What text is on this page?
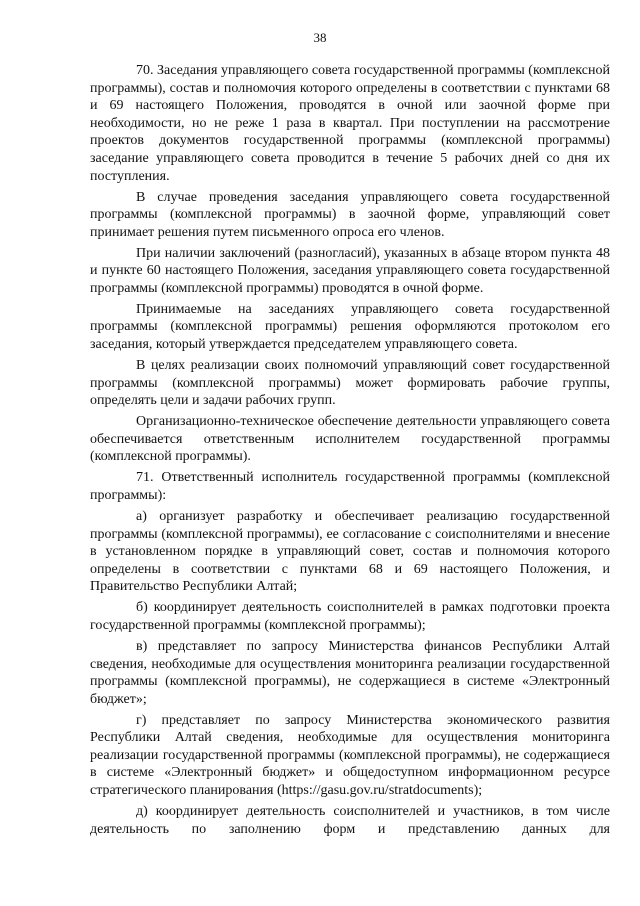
38

70. Заседания управляющего совета государственной программы (комплексной программы), состав и полномочия которого определены в соответствии с пунктами 68 и 69 настоящего Положения, проводятся в очной или заочной форме при необходимости, но не реже 1 раза в квартал. При поступлении на рассмотрение проектов документов государственной программы (комплексной программы) заседание управляющего совета проводится в течение 5 рабочих дней со дня их поступления.

В случае проведения заседания управляющего совета государственной программы (комплексной программы) в заочной форме, управляющий совет принимает решения путем письменного опроса его членов.

При наличии заключений (разногласий), указанных в абзаце втором пункта 48 и пункте 60 настоящего Положения, заседания управляющего совета государственной программы (комплексной программы) проводятся в очной форме.

Принимаемые на заседаниях управляющего совета государственной программы (комплексной программы) решения оформляются протоколом его заседания, который утверждается председателем управляющего совета.

В целях реализации своих полномочий управляющий совет государственной программы (комплексной программы) может формировать рабочие группы, определять цели и задачи рабочих групп.

Организационно-техническое обеспечение деятельности управляющего совета обеспечивается ответственным исполнителем государственной программы (комплексной программы).

71. Ответственный исполнитель государственной программы (комплексной программы):

а) организует разработку и обеспечивает реализацию государственной программы (комплексной программы), ее согласование с соисполнителями и внесение в установленном порядке в управляющий совет, состав и полномочия которого определены в соответствии с пунктами 68 и 69 настоящего Положения, и Правительство Республики Алтай;

б) координирует деятельность соисполнителей в рамках подготовки проекта государственной программы (комплексной программы);

в) представляет по запросу Министерства финансов Республики Алтай сведения, необходимые для осуществления мониторинга реализации государственной программы (комплексной программы), не содержащиеся в системе «Электронный бюджет»;

г) представляет по запросу Министерства экономического развития Республики Алтай сведения, необходимые для осуществления мониторинга реализации государственной программы (комплексной программы), не содержащиеся в системе «Электронный бюджет» и общедоступном информационном ресурсе стратегического планирования (https://gasu.gov.ru/stratdocuments);

д) координирует деятельность соисполнителей и участников, в том числе деятельность по заполнению форм и представлению данных для
